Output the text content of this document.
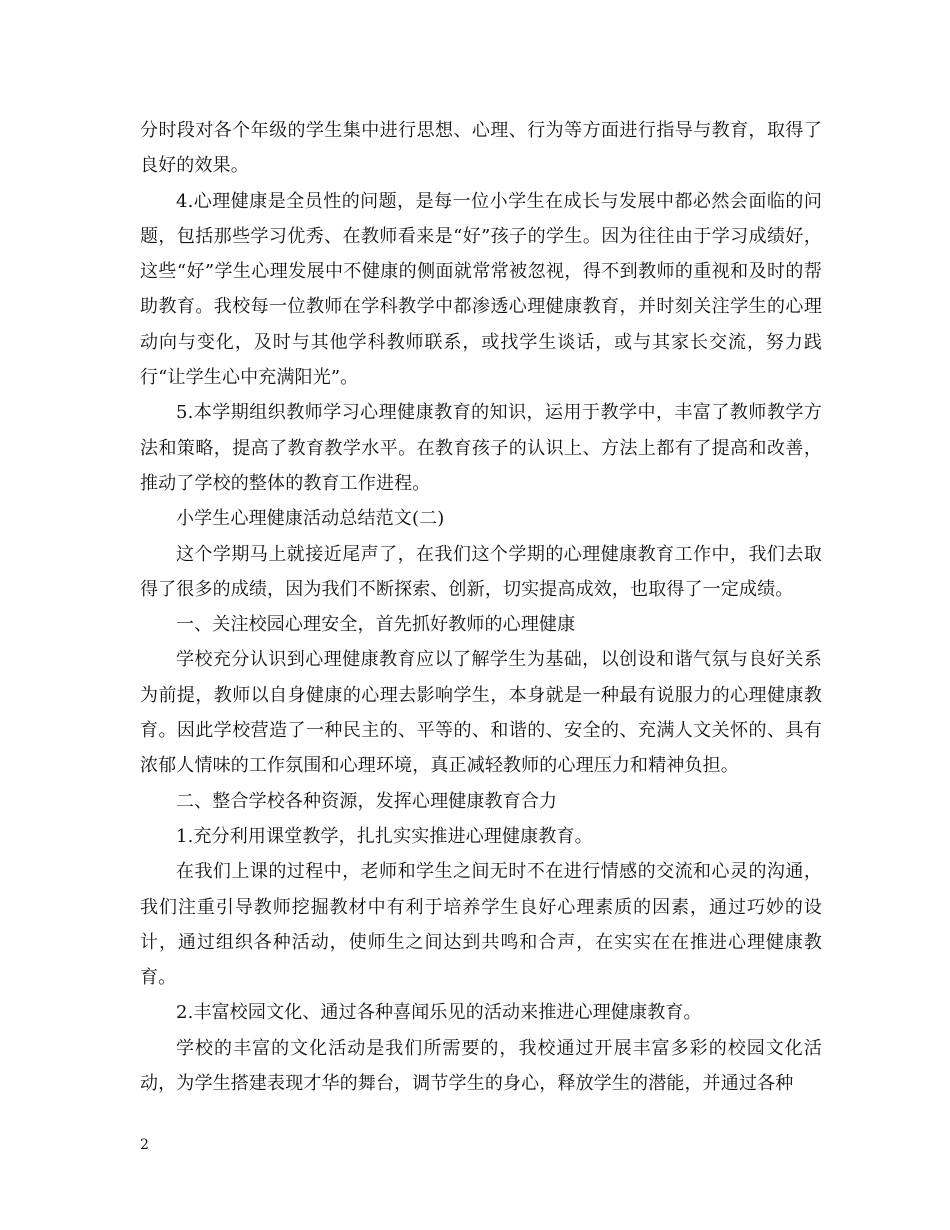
分时段对各个年级的学生集中进行思想、心理、行为等方面进行指导与教育，取得了良好的效果。

4.心理健康是全员性的问题，是每一位小学生在成长与发展中都必然会面临的问题，包括那些学习优秀、在教师看来是“好”孩子的学生。因为往往由于学习成绩好，这些“好”学生心理发展中不健康的侧面就常常被忽视，得不到教师的重视和及时的帮助教育。我校每一位教师在学科教学中都渗透心理健康教育，并时刻关注学生的心理动向与变化，及时与其他学科教师联系，或找学生谈话，或与其家长交流，努力践行“让学生心中充满阳光”。

5.本学期组织教师学习心理健康教育的知识，运用于教学中，丰富了教师教学方法和策略，提高了教育教学水平。在教育孩子的认识上、方法上都有了提高和改善，推动了学校的整体的教育工作进程。

小学生心理健康活动总结范文(二)

这个学期马上就接近尾声了，在我们这个学期的心理健康教育工作中，我们去取得了很多的成绩，因为我们不断探索、创新，切实提高成效，也取得了一定成绩。

一、关注校园心理安全，首先抓好教师的心理健康

学校充分认识到心理健康教育应以了解学生为基础，以创设和谐气氛与良好关系为前提，教师以自身健康的心理去影响学生，本身就是一种最有说服力的心理健康教育。因此学校营造了一种民主的、平等的、和谐的、安全的、充满人文关怀的、具有浓郁人情味的工作氛围和心理环境，真正减轻教师的心理压力和精神负担。

二、整合学校各种资源，发挥心理健康教育合力

1.充分利用课堂教学，扎扎实实推进心理健康教育。

在我们上课的过程中，老师和学生之间无时不在进行情感的交流和心灵的沟通，我们注重引导教师挖掘教材中有利于培养学生良好心理素质的因素，通过巧妙的设计，通过组织各种活动，使师生之间达到共鸣和合声，在实实在在推进心理健康教育。

2.丰富校园文化、通过各种喜闻乐见的活动来推进心理健康教育。

学校的丰富的文化活动是我们所需要的，我校通过开展丰富多彩的校园文化活动，为学生搭建表现才华的舞台，调节学生的身心，释放学生的潜能，并通过各种

2
